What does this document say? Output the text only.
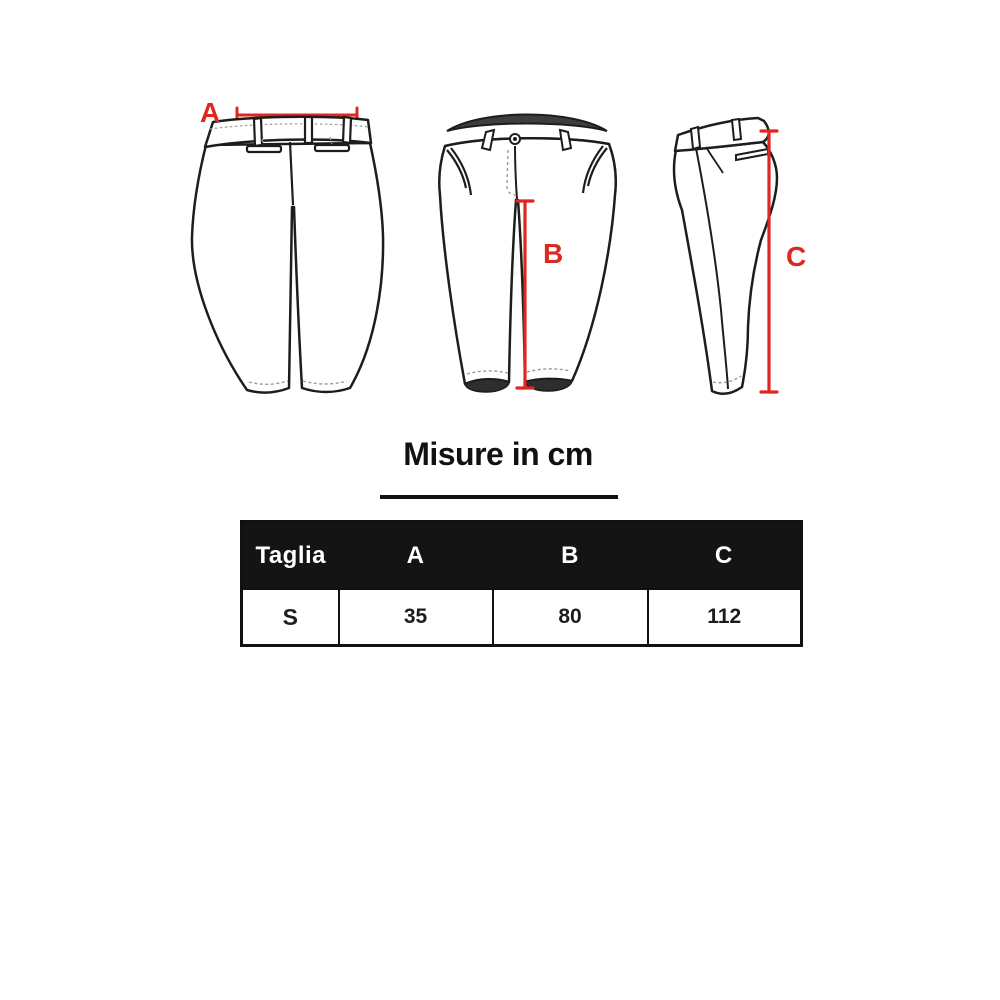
A
B	C
Misure in cm
Taglia	A	B	C
S	35	80	112
